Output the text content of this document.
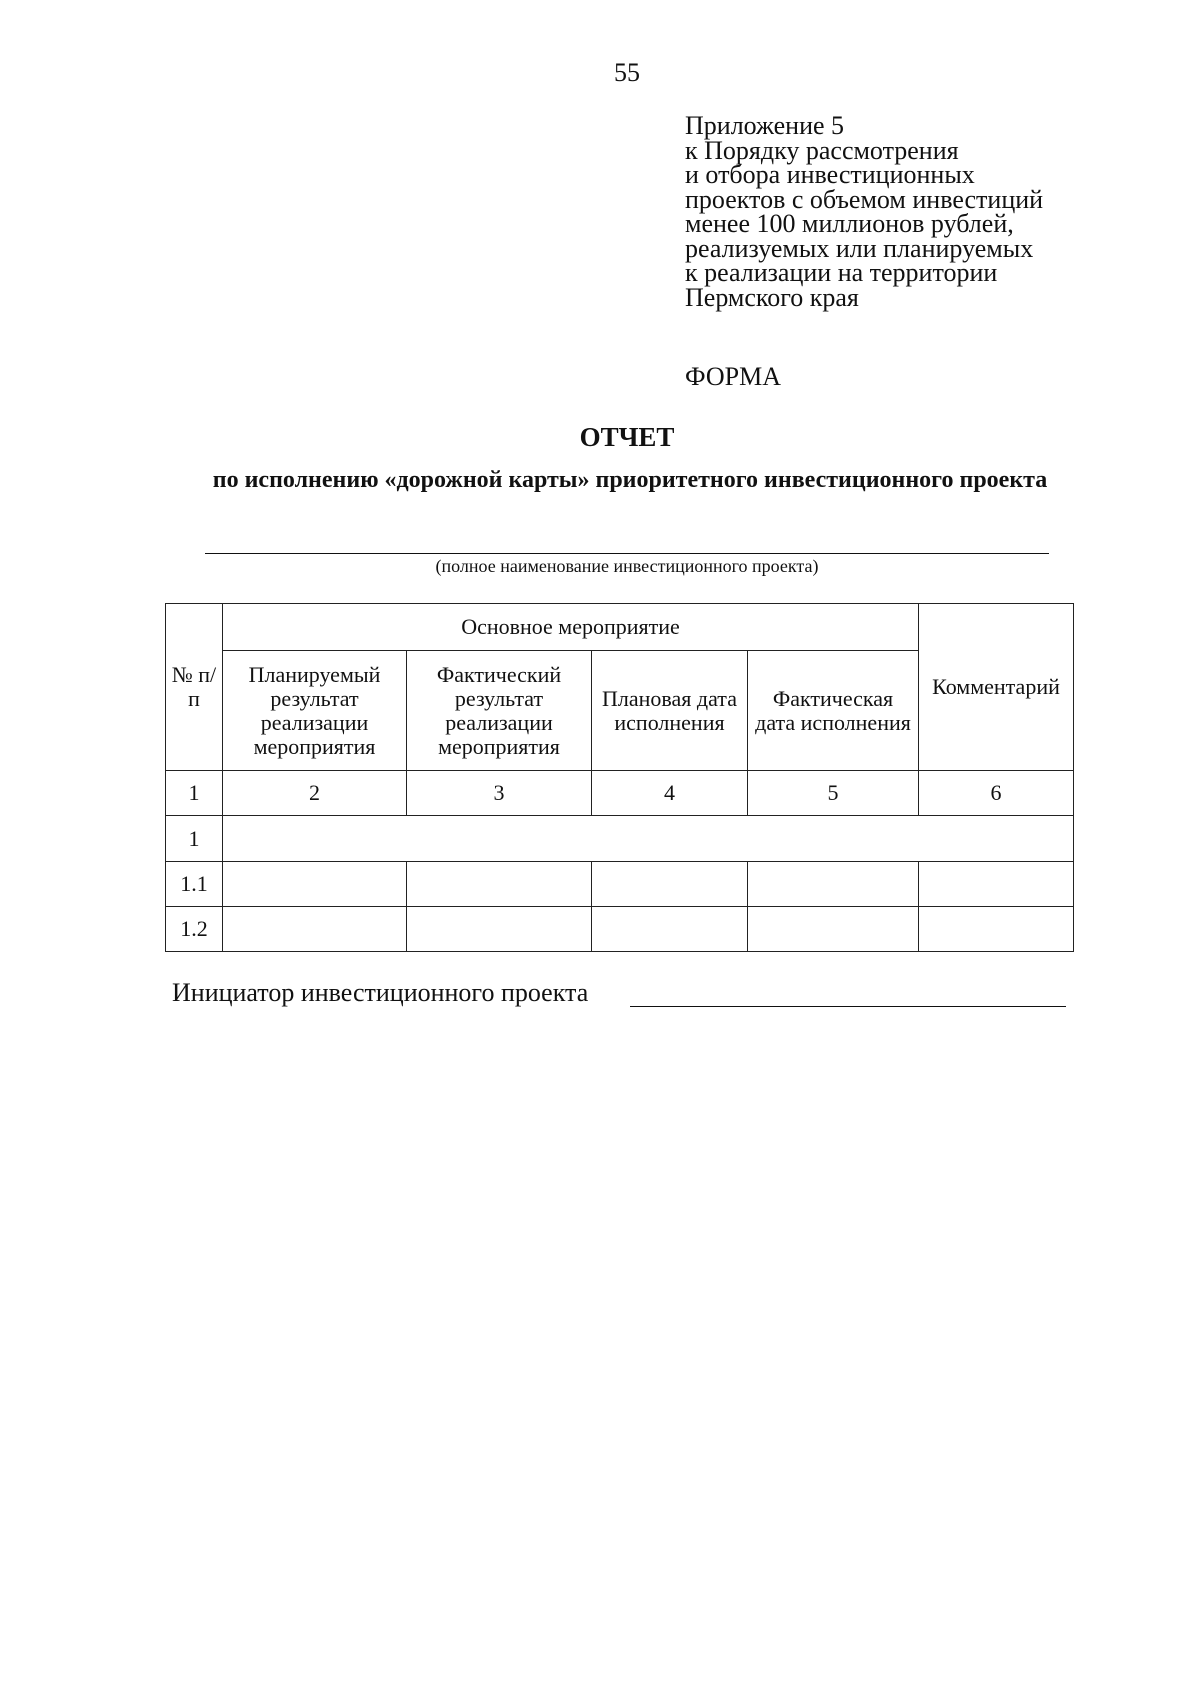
55
Приложение 5
к Порядку рассмотрения
и отбора инвестиционных
проектов с объемом инвестиций
менее 100 миллионов рублей,
реализуемых или планируемых
к реализации на территории
Пермского края
ФОРМА
ОТЧЕТ
по исполнению «дорожной карты» приоритетного инвестиционного проекта
(полное наименование инвестиционного проекта)
№ п/п	Основное мероприятие				Комментарий
	Планируемый результат реализации мероприятия	Фактический результат реализации мероприятия	Плановая дата исполнения	Фактическая дата исполнения	
1	2	3	4	5	6
1					
1.1					
1.2					
Инициатор инвестиционного проекта
